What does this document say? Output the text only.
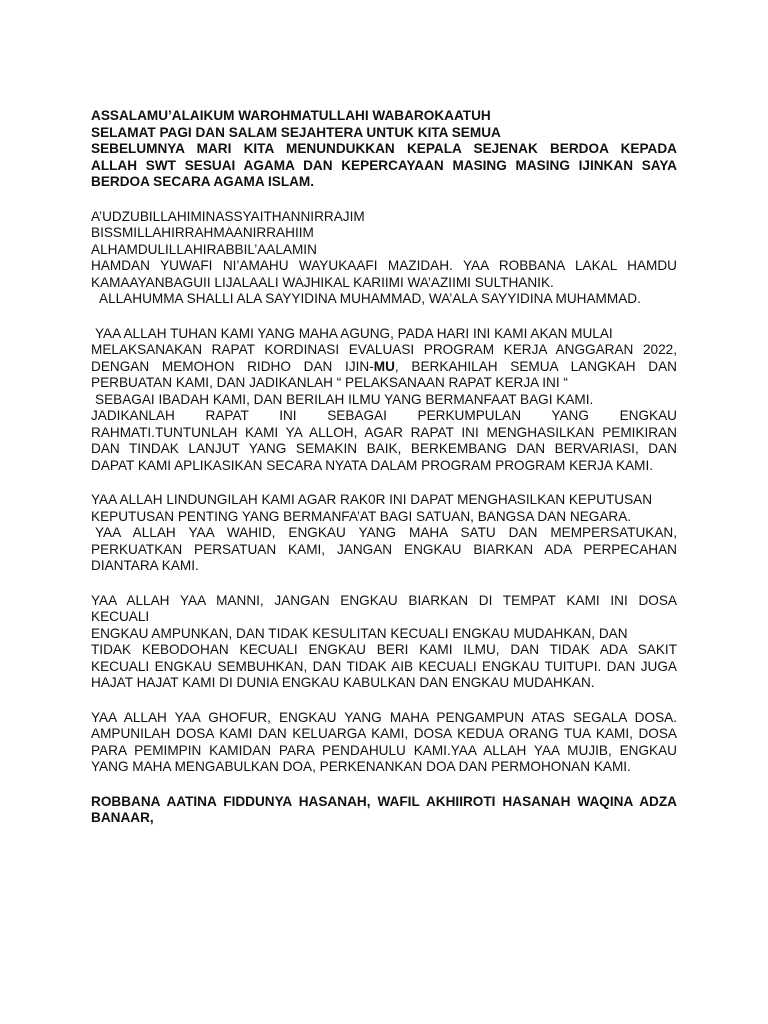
ASSALAMU’ALAIKUM WAROHMATULLAHI WABAROKAATUH
SELAMAT PAGI DAN SALAM SEJAHTERA UNTUK KITA SEMUA
SEBELUMNYA MARI KITA MENUNDUKKAN KEPALA SEJENAK BERDOA KEPADA
ALLAH SWT SESUAI AGAMA DAN KEPERCAYAAN MASING MASING IJINKAN SAYA
BERDOA SECARA AGAMA ISLAM.
A’UDZUBILLAHIMINASSYAITHANNIRRAJIM
BISSMILLAHIRRAHMAANIRRAHIIM
ALHAMDULILLAHIRABBIL’AALAMIN
HAMDAN YUWAFI NI’AMAHU WAYUKAAFI MAZIDAH. YAA ROBBANA LAKAL HAMDU
KAMAAYANBAGUII LIJALAALI WAJHIKAL KARIIMI WA’AZIIMI SULTHANIK.
ALLAHUMMA SHALLI ALA SAYYIDINA MUHAMMAD, WA’ALA SAYYIDINA MUHAMMAD.
YAA ALLAH TUHAN KAMI YANG MAHA AGUNG, PADA HARI INI KAMI AKAN MULAI
MELAKSANAKAN RAPAT KORDINASI EVALUASI PROGRAM KERJA ANGGARAN 2022,
DENGAN MEMOHON RIDHO DAN IJIN-MU, BERKAHILAH SEMUA LANGKAH DAN
PERBUATAN KAMI, DAN JADIKANLAH “ PELAKSANAAN RAPAT KERJA INI “
SEBAGAI IBADAH KAMI, DAN BERILAH ILMU YANG BERMANFAAT BAGI KAMI.
JADIKANLAH RAPAT INI SEBAGAI PERKUMPULAN YANG ENGKAU
RAHMATI.TUNTUNLAH KAMI YA ALLOH, AGAR RAPAT INI MENGHASILKAN PEMIKIRAN
DAN TINDAK LANJUT YANG SEMAKIN BAIK, BERKEMBANG DAN BERVARIASI, DAN
DAPAT KAMI APLIKASIKAN SECARA NYATA DALAM PROGRAM PROGRAM KERJA KAMI.
YAA ALLAH LINDUNGILAH KAMI AGAR RAK0R INI DAPAT MENGHASILKAN KEPUTUSAN
KEPUTUSAN PENTING YANG BERMANFA’AT BAGI SATUAN, BANGSA DAN NEGARA.
YAA ALLAH YAA WAHID, ENGKAU YANG MAHA SATU DAN MEMPERSATUKAN,
PERKUATKAN PERSATUAN KAMI, JANGAN ENGKAU BIARKAN ADA PERPECAHAN
DIANTARA KAMI.
YAA ALLAH YAA MANNI, JANGAN ENGKAU BIARKAN DI TEMPAT KAMI INI DOSA
KECUALI
ENGKAU AMPUNKAN, DAN TIDAK KESULITAN KECUALI ENGKAU MUDAHKAN, DAN
TIDAK KEBODOHAN KECUALI ENGKAU BERI KAMI ILMU, DAN TIDAK ADA SAKIT
KECUALI ENGKAU SEMBUHKAN, DAN TIDAK AIB KECUALI ENGKAU TUITUPI. DAN JUGA
HAJAT HAJAT KAMI DI DUNIA ENGKAU KABULKAN DAN ENGKAU MUDAHKAN.
YAA ALLAH YAA GHOFUR, ENGKAU YANG MAHA PENGAMPUN ATAS SEGALA DOSA.
AMPUNILAH DOSA KAMI DAN KELUARGA KAMI, DOSA KEDUA ORANG TUA KAMI, DOSA
PARA PEMIMPIN KAMIDAN PARA PENDAHULU KAMI.YAA ALLAH YAA MUJIB, ENGKAU
YANG MAHA MENGABULKAN DOA, PERKENANKAN DOA DAN PERMOHONAN KAMI.
ROBBANA AATINA FIDDUNYA HASANAH, WAFIL AKHIIROTI HASANAH WAQINA ADZA
BANAAR,
